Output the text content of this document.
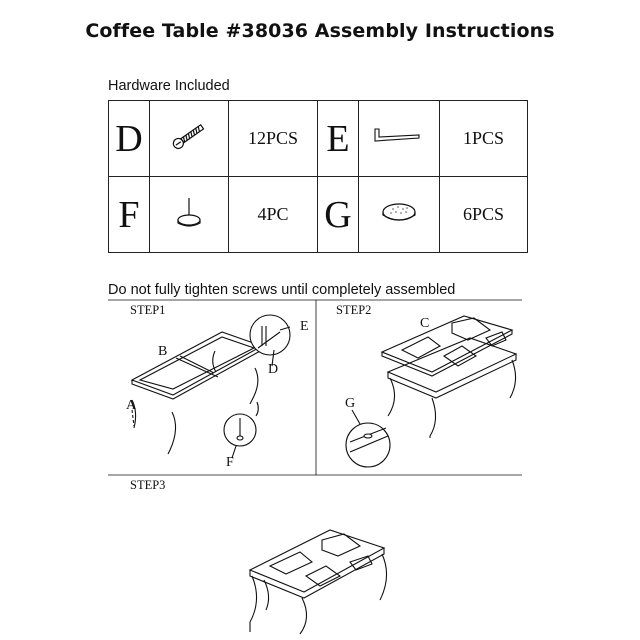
Coffee Table #38036 Assembly Instructions
Hardware Included
D		12PCS	E		1PCS
F		4PC	G		6PCS
Do not fully tighten screws until completely assembled
STEP1	STEP2
STEP3
B
A
E
D
F
C
G
